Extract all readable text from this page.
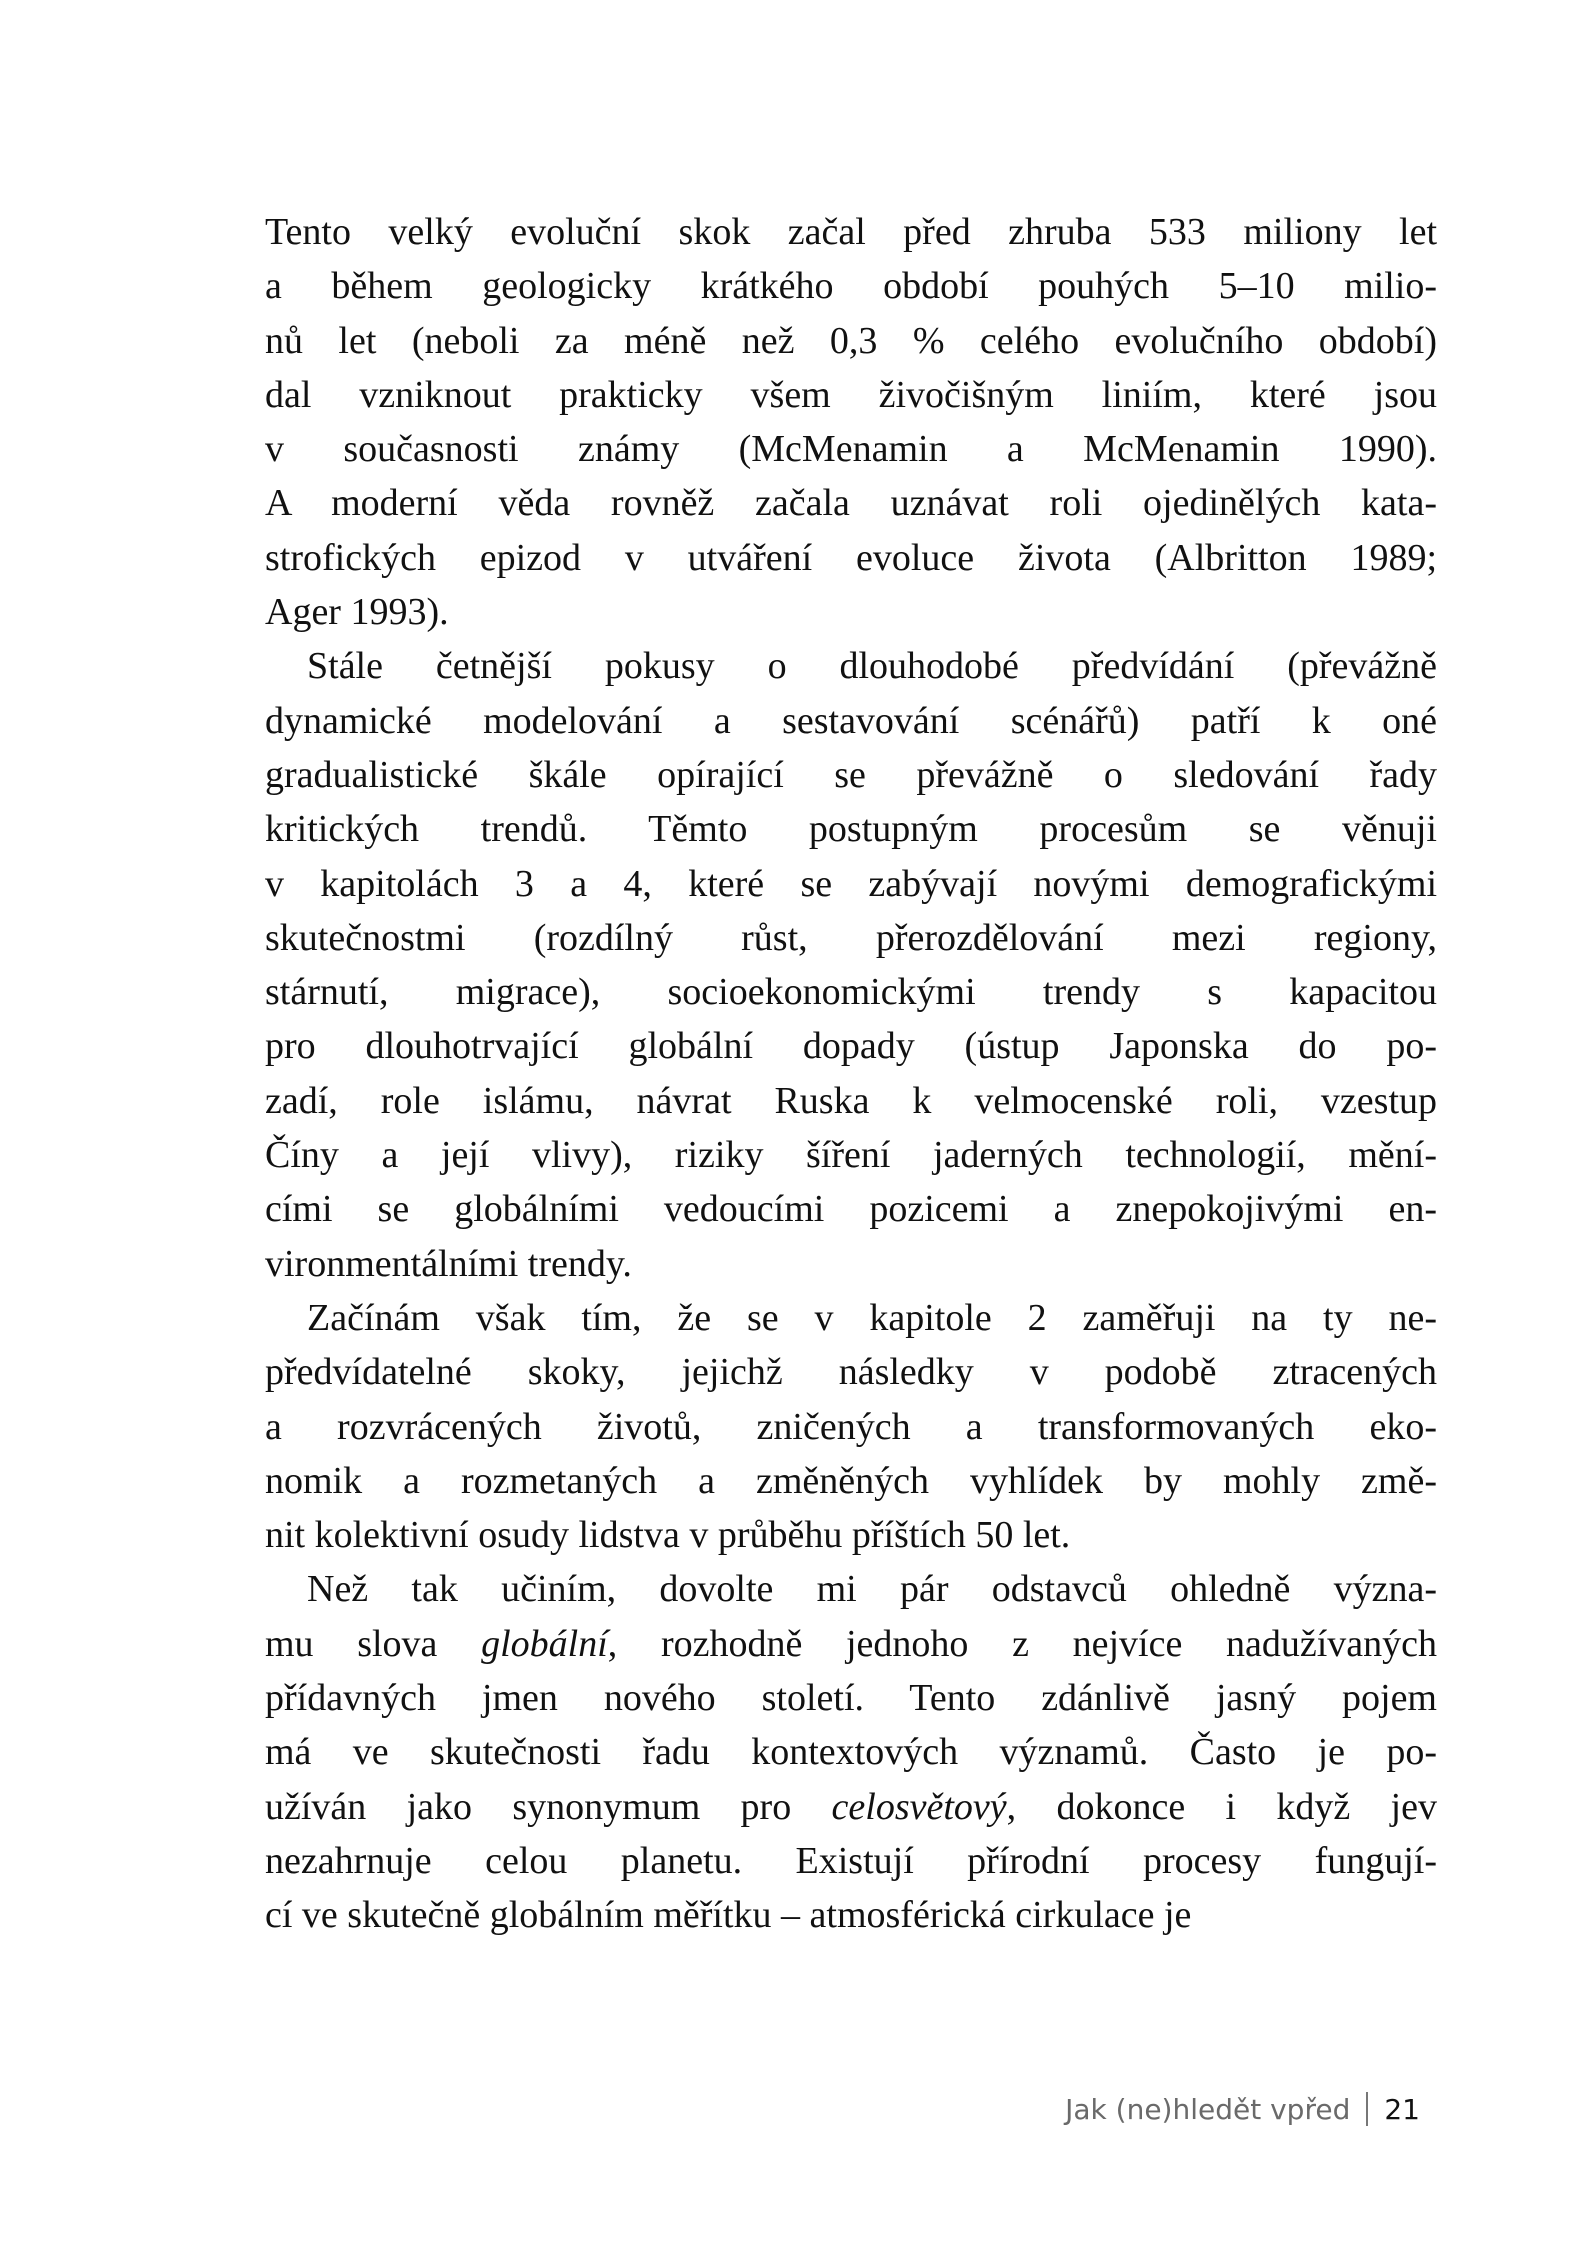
Tento velký evoluční skok začal před zhruba 533 miliony let
a během geologicky krátkého období pouhých 5–10 milio-
nů let (neboli za méně než 0,3 % celého evolučního období)
dal vzniknout prakticky všem živočišným liniím, které jsou
v současnosti známy (McMenamin a McMenamin 1990).
A moderní věda rovněž začala uznávat roli ojedinělých kata-
strofických epizod v utváření evoluce života (Albritton 1989;
Ager 1993).
Stále četnější pokusy o dlouhodobé předvídání (převážně
dynamické modelování a sestavování scénářů) patří k oné
gradualistické škále opírající se převážně o sledování řady
kritických trendů. Těmto postupným procesům se věnuji
v kapitolách 3 a 4, které se zabývají novými demografickými
skutečnostmi (rozdílný růst, přerozdělování mezi regiony,
stárnutí, migrace), socioekonomickými trendy s kapacitou
pro dlouhotrvající globální dopady (ústup Japonska do po-
zadí, role islámu, návrat Ruska k velmocenské roli, vzestup
Číny a její vlivy), riziky šíření jaderných technologií, mění-
cími se globálními vedoucími pozicemi a znepokojivými en-
vironmentálními trendy.
Začínám však tím, že se v kapitole 2 zaměřuji na ty ne-
předvídatelné skoky, jejichž následky v podobě ztracených
a rozvrácených životů, zničených a transformovaných eko-
nomik a rozmetaných a změněných vyhlídek by mohly změ-
nit kolektivní osudy lidstva v průběhu příštích 50 let.
Než tak učiním, dovolte mi pár odstavců ohledně význa-
mu slova globální, rozhodně jednoho z nejvíce nadužívaných
přídavných jmen nového století. Tento zdánlivě jasný pojem
má ve skutečnosti řadu kontextových významů. Často je po-
užíván jako synonymum pro celosvětový, dokonce i když jev
nezahrnuje celou planetu. Existují přírodní procesy fungují-
cí ve skutečně globálním měřítku – atmosférická cirkulace je
Jak (ne)hledět vpřed 21
